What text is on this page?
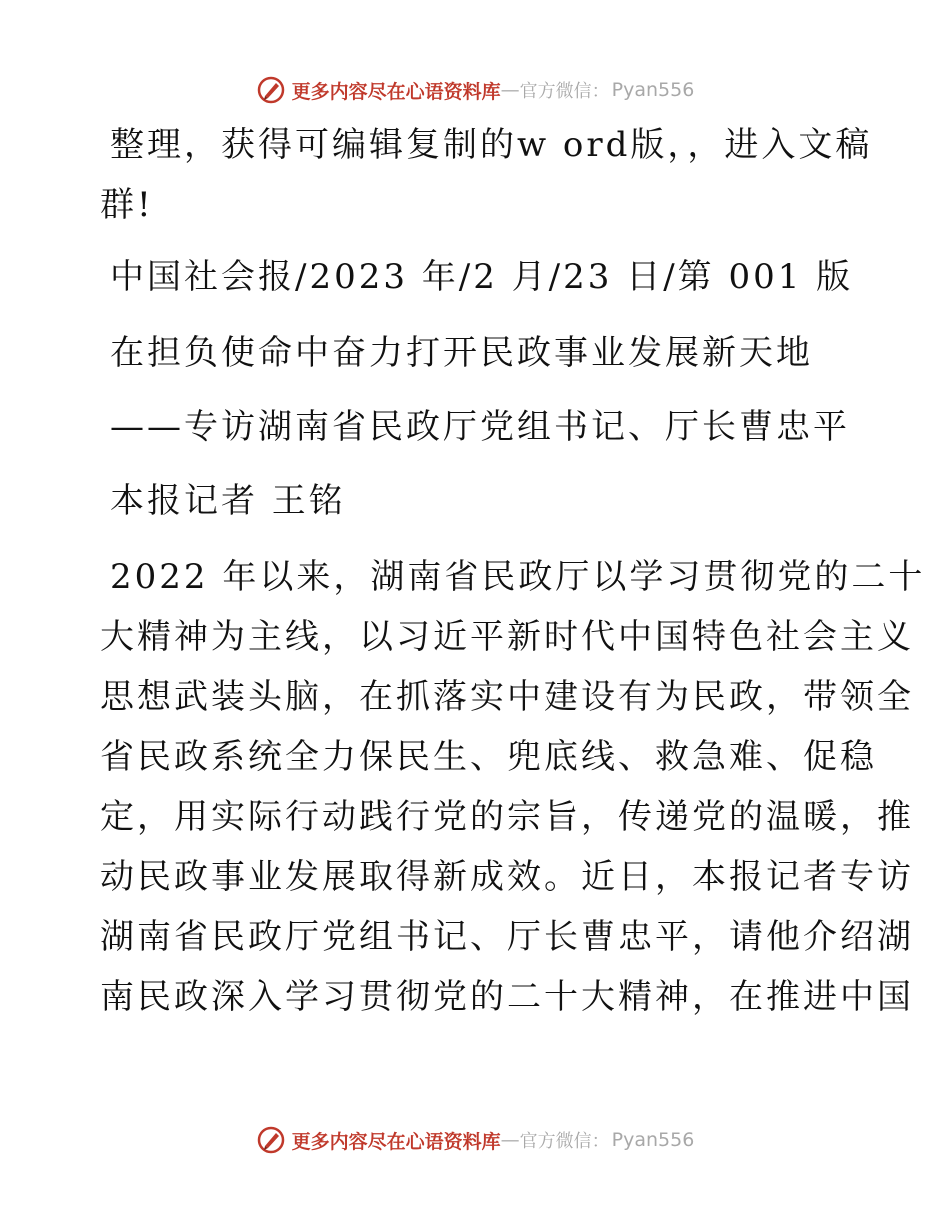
更多内容尽在心语资料库 — 官方微信： Pyan556
整理，获得可编辑复制的w ord版，，进入文稿
群!
中国社会报/2023 年/2 月/23 日/第 001 版
在担负使命中奋力打开民政事业发展新天地
——专访湖南省民政厅党组书记、厅长曹忠平
本报记者 王铭
2022 年以来，湖南省民政厅以学习贯彻党的二十
大精神为主线，以习近平新时代中国特色社会主义
思想武装头脑，在抓落实中建设有为民政，带领全
省民政系统全力保民生、兜底线、救急难、促稳
定，用实际行动践行党的宗旨，传递党的温暖，推
动民政事业发展取得新成效。近日，本报记者专访
湖南省民政厅党组书记、厅长曹忠平，请他介绍湖
南民政深入学习贯彻党的二十大精神，在推进中国
更多内容尽在心语资料库 — 官方微信： Pyan556
